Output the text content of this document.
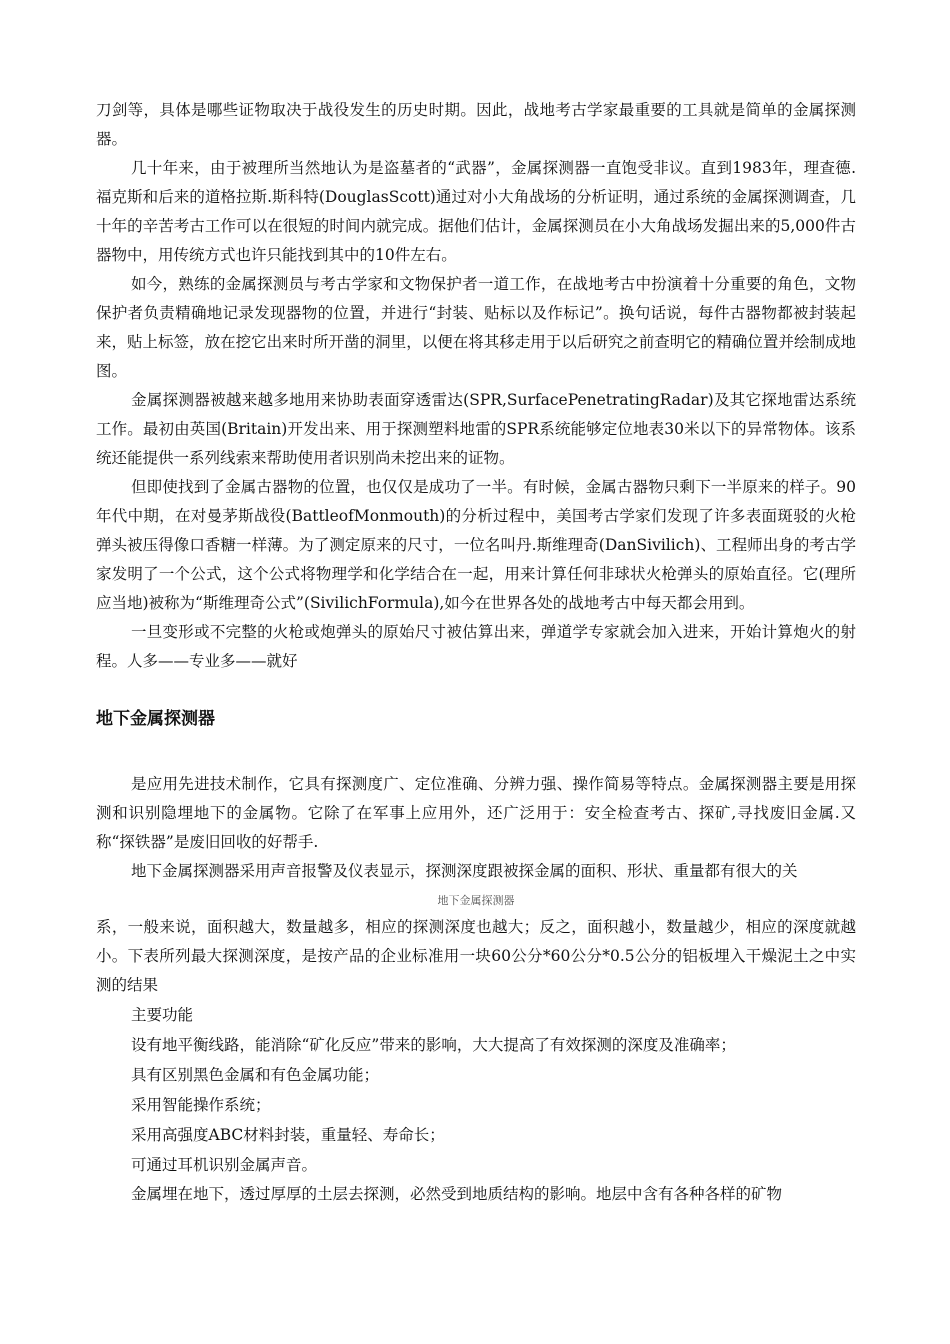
刀剑等，具体是哪些证物取决于战役发生的历史时期。因此，战地考古学家最重要的工具就是简单的金属探测器。

几十年来，由于被理所当然地认为是盗墓者的“武器”，金属探测器一直饱受非议。直到1983年，理查德.福克斯和后来的道格拉斯.斯科特(DouglasScott)通过对小大角战场的分析证明，通过系统的金属探测调查，几十年的辛苦考古工作可以在很短的时间内就完成。据他们估计，金属探测员在小大角战场发掘出来的5,000件古器物中，用传统方式也许只能找到其中的10件左右。

如今，熟练的金属探测员与考古学家和文物保护者一道工作，在战地考古中扮演着十分重要的角色，文物保护者负责精确地记录发现器物的位置，并进行“封装、贴标以及作标记”。换句话说，每件古器物都被封装起来，贴上标签，放在挖它出来时所开凿的洞里，以便在将其移走用于以后研究之前查明它的精确位置并绘制成地图。

金属探测器被越来越多地用来协助表面穿透雷达(SPR,SurfacePenetratingRadar)及其它探地雷达系统工作。最初由英国(Britain)开发出来、用于探测塑料地雷的SPR系统能够定位地表30米以下的异常物体。该系统还能提供一系列线索来帮助使用者识别尚未挖出来的证物。

但即使找到了金属古器物的位置，也仅仅是成功了一半。有时候，金属古器物只剩下一半原来的样子。90年代中期，在对曼茅斯战役(BattleofMonmouth)的分析过程中，美国考古学家们发现了许多表面斑驳的火枪弹头被压得像口香糖一样薄。为了测定原来的尺寸，一位名叫丹.斯维理奇(DanSivilich)、工程师出身的考古学家发明了一个公式，这个公式将物理学和化学结合在一起，用来计算任何非球状火枪弹头的原始直径。它(理所应当地)被称为“斯维理奇公式”(SivilichFormula),如今在世界各处的战地考古中每天都会用到。

一旦变形或不完整的火枪或炮弹头的原始尺寸被估算出来，弹道学专家就会加入进来，开始计算炮火的射程。人多——专业多——就好

地下金属探测器

是应用先进技术制作，它具有探测度广、定位准确、分辨力强、操作简易等特点。金属探测器主要是用探测和识别隐埋地下的金属物。它除了在军事上应用外，还广泛用于：安全检查考古、探矿,寻找废旧金属.又称“探铁器”是废旧回收的好帮手.

地下金属探测器采用声音报警及仪表显示，探测深度跟被探金属的面积、形状、重量都有很大的关

地下金属探测器

系，一般来说，面积越大，数量越多，相应的探测深度也越大；反之，面积越小，数量越少，相应的深度就越小。下表所列最大探测深度，是按产品的企业标准用一块60公分*60公分*0.5公分的铝板埋入干燥泥土之中实测的结果

主要功能
设有地平衡线路，能消除“矿化反应”带来的影响，大大提高了有效探测的深度及准确率；
具有区别黑色金属和有色金属功能；
采用智能操作系统；
采用高强度ABC材料封装，重量轻、寿命长；
可通过耳机识别金属声音。

金属埋在地下，透过厚厚的土层去探测，必然受到地质结构的影响。地层中含有各种各样的矿物
